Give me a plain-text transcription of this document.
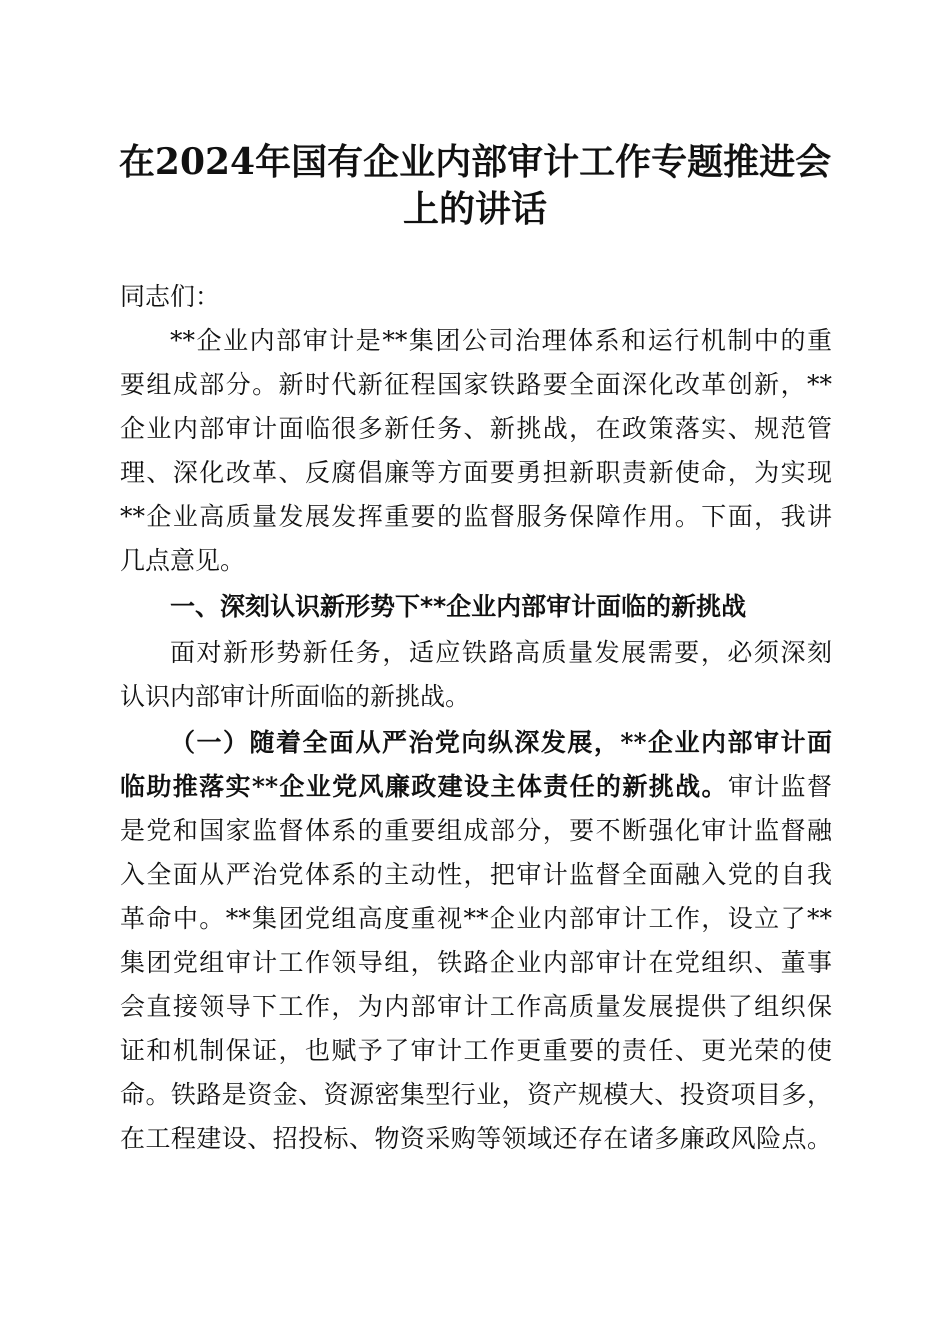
在2024年国有企业内部审计工作专题推进会
上的讲话

同志们：

**企业内部审计是**集团公司治理体系和运行机制中的重

要组成部分。新时代新征程国家铁路要全面深化改革创新，**

企业内部审计面临很多新任务、新挑战，在政策落实、规范管

理、深化改革、反腐倡廉等方面要勇担新职责新使命，为实现

**企业高质量发展发挥重要的监督服务保障作用。下面，我讲

几点意见。

一、深刻认识新形势下**企业内部审计面临的新挑战

面对新形势新任务，适应铁路高质量发展需要，必须深刻

认识内部审计所面临的新挑战。

（一）随着全面从严治党向纵深发展，**企业内部审计面

临助推落实**企业党风廉政建设主体责任的新挑战。审计监督

是党和国家监督体系的重要组成部分，要不断强化审计监督融

入全面从严治党体系的主动性，把审计监督全面融入党的自我

革命中。**集团党组高度重视**企业内部审计工作，设立了**

集团党组审计工作领导组，铁路企业内部审计在党组织、董事

会直接领导下工作，为内部审计工作高质量发展提供了组织保

证和机制保证，也赋予了审计工作更重要的责任、更光荣的使

命。铁路是资金、资源密集型行业，资产规模大、投资项目多，

在工程建设、招投标、物资采购等领域还存在诸多廉政风险点。
